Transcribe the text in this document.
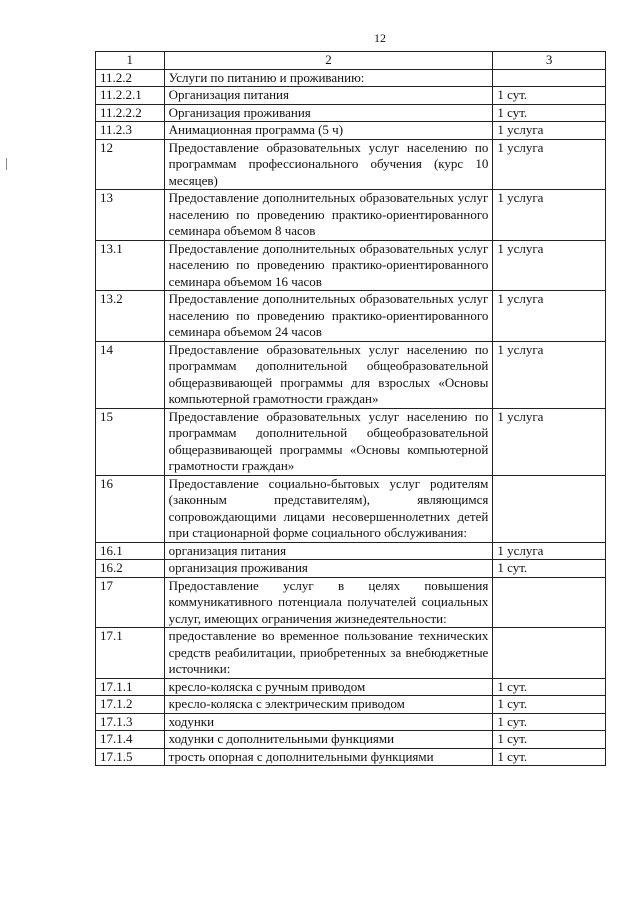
12
1	2	3
11.2.2	Услуги по питанию и проживанию:	
11.2.2.1	Организация питания	1 сут.
11.2.2.2	Организация проживания	1 сут.
11.2.3	Анимационная программа (5 ч)	1 услуга
12	Предоставление образовательных услуг населению по программам профессионального обучения (курс 10 месяцев)	1 услуга
13	Предоставление дополнительных образовательных услуг населению по проведению практико-ориентированного семинара объемом 8 часов	1 услуга
13.1	Предоставление дополнительных образовательных услуг населению по проведению практико-ориентированного семинара объемом 16 часов	1 услуга
13.2	Предоставление дополнительных образовательных услуг населению по проведению практико-ориентированного семинара объемом 24 часов	1 услуга
14	Предоставление образовательных услуг населению по программам дополнительной общеобразовательной общеразвивающей программы для взрослых «Основы компьютерной грамотности граждан»	1 услуга
15	Предоставление образовательных услуг населению по программам дополнительной общеобразовательной общеразвивающей программы «Основы компьютерной грамотности граждан»	1 услуга
16	Предоставление социально-бытовых услуг родителям (законным представителям), являющимся сопровождающими лицами несовершеннолетних детей при стационарной форме социального обслуживания:	
16.1	организация питания	1 услуга
16.2	организация проживания	1 сут.
17	Предоставление услуг в целях повышения коммуникативного потенциала получателей социальных услуг, имеющих ограничения жизнедеятельности:	
17.1	предоставление во временное пользование технических средств реабилитации, приобретенных за внебюджетные источники:	
17.1.1	кресло-коляска с ручным приводом	1 сут.
17.1.2	кресло-коляска с электрическим приводом	1 сут.
17.1.3	ходунки	1 сут.
17.1.4	ходунки с дополнительными функциями	1 сут.
17.1.5	трость опорная с дополнительными функциями	1 сут.
